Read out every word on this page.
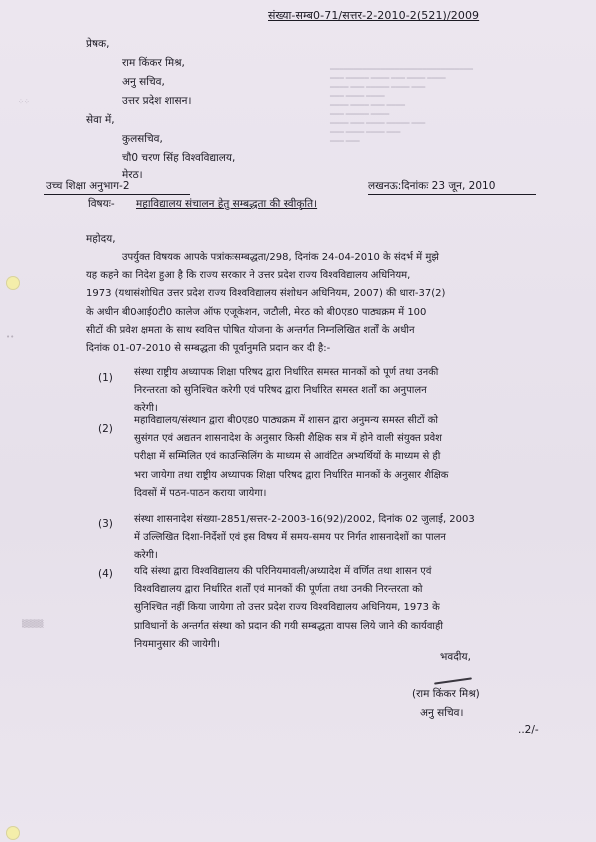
▁▁▁▁▁▁▁▁▁▁▁▁▁▁▁▁▁▁▁▁▁▁▁▁▁▁▁▁▁▁▁
▁▁▁ ▁▁▁▁▁ ▁▁▁▁ ▁▁▁ ▁▁▁▁ ▁▁▁▁
▁▁▁▁ ▁▁▁ ▁▁▁▁▁ ▁▁▁▁ ▁▁▁
▁▁▁ ▁▁▁▁ ▁▁▁▁
▁▁▁▁ ▁▁▁▁ ▁▁▁ ▁▁▁▁
▁▁▁ ▁▁▁▁▁ ▁▁▁▁
▁▁▁▁ ▁▁▁ ▁▁▁▁ ▁▁▁▁▁ ▁▁▁
▁▁▁ ▁▁▁▁ ▁▁▁▁ ▁▁▁
▁▁▁ ▁▁▁
⁘⁘
▒▒▒▒
••
संख्या-सम्ब0-71/सत्तर-2-2010-2(521)/2009
प्रेषक,
राम किंकर मिश्र,
अनु सचिव,
उत्तर प्रदेश शासन।
सेवा में,
कुलसचिव,
चौ0 चरण सिंह विश्वविद्यालय,
मेरठ।
उच्च शिक्षा अनुभाग-2	लखनऊ:दिनांकः 23 जून, 2010
विषयः- महाविद्यालय संचालन हेतु सम्बद्धता की स्वीकृति।
महोदय,
उपर्युक्त विषयक आपके पत्रांकःसम्बद्धता/298, दिनांक 24-04-2010 के संदर्भ में मुझे
यह कहने का निदेश हुआ है कि राज्य सरकार ने उत्तर प्रदेश राज्य विश्वविद्यालय अधिनियम,
1973 (यथासंशोधित उत्तर प्रदेश राज्य विश्वविद्यालय संशोधन अधिनियम, 2007) की धारा-37(2)
के अधीन बी0आई0टी0 कालेज ऑफ एजूकेशन, जटौली, मेरठ को बी0एड0 पाठ्यक्रम में 100
सीटों की प्रवेश क्षमता के साथ स्ववित्त पोषित योजना के अन्तर्गत निम्नलिखित शर्तों के अधीन
दिनांक 01-07-2010 से सम्बद्धता की पूर्वानुमति प्रदान कर दी है:-
(1) संस्था राष्ट्रीय अध्यापक शिक्षा परिषद द्वारा निर्धारित समस्त मानकों को पूर्ण तथा उनकी
निरन्तरता को सुनिश्चित करेगी एवं परिषद द्वारा निर्धारित समस्त शर्तों का अनुपालन
करेगी।
(2)
महाविद्यालय/संस्थान द्वारा बी0एड0 पाठ्यक्रम में शासन द्वारा अनुमन्य समस्त सीटों को
सुसंगत एवं अद्यतन शासनादेश के अनुसार किसी शैक्षिक सत्र में होने वाली संयुक्त प्रवेश
परीक्षा में सम्मिलित एवं काउन्सिलिंग के माध्यम से आवंटित अभ्यर्थियों के माध्यम से ही
भरा जायेगा तथा राष्ट्रीय अध्यापक शिक्षा परिषद द्वारा निर्धारित मानकों के अनुसार शैक्षिक
दिवसों में पठन-पाठन कराया जायेगा।
(3) संस्था शासनादेश संख्या-2851/सत्तर-2-2003-16(92)/2002, दिनांक 02 जुलाई, 2003
में उल्लिखित दिशा-निर्देशों एवं इस विषय में समय-समय पर निर्गत शासनादेशों का पालन
करेगी।
(4) यदि संस्था द्वारा विश्वविद्यालय की परिनियमावली/अध्यादेश में वर्णित तथा शासन एवं
विश्वविद्यालय द्वारा निर्धारित शर्तों एवं मानकों की पूर्णता तथा उनकी निरन्तरता को
सुनिश्चित नहीं किया जायेगा तो उत्तर प्रदेश राज्य विश्वविद्यालय अधिनियम, 1973 के
प्राविधानों के अन्तर्गत संस्था को प्रदान की गयी सम्बद्धता वापस लिये जाने की कार्यवाही
नियमानुसार की जायेगी।
भवदीय,
(राम किंकर मिश्र)
अनु सचिव।
..2/-
